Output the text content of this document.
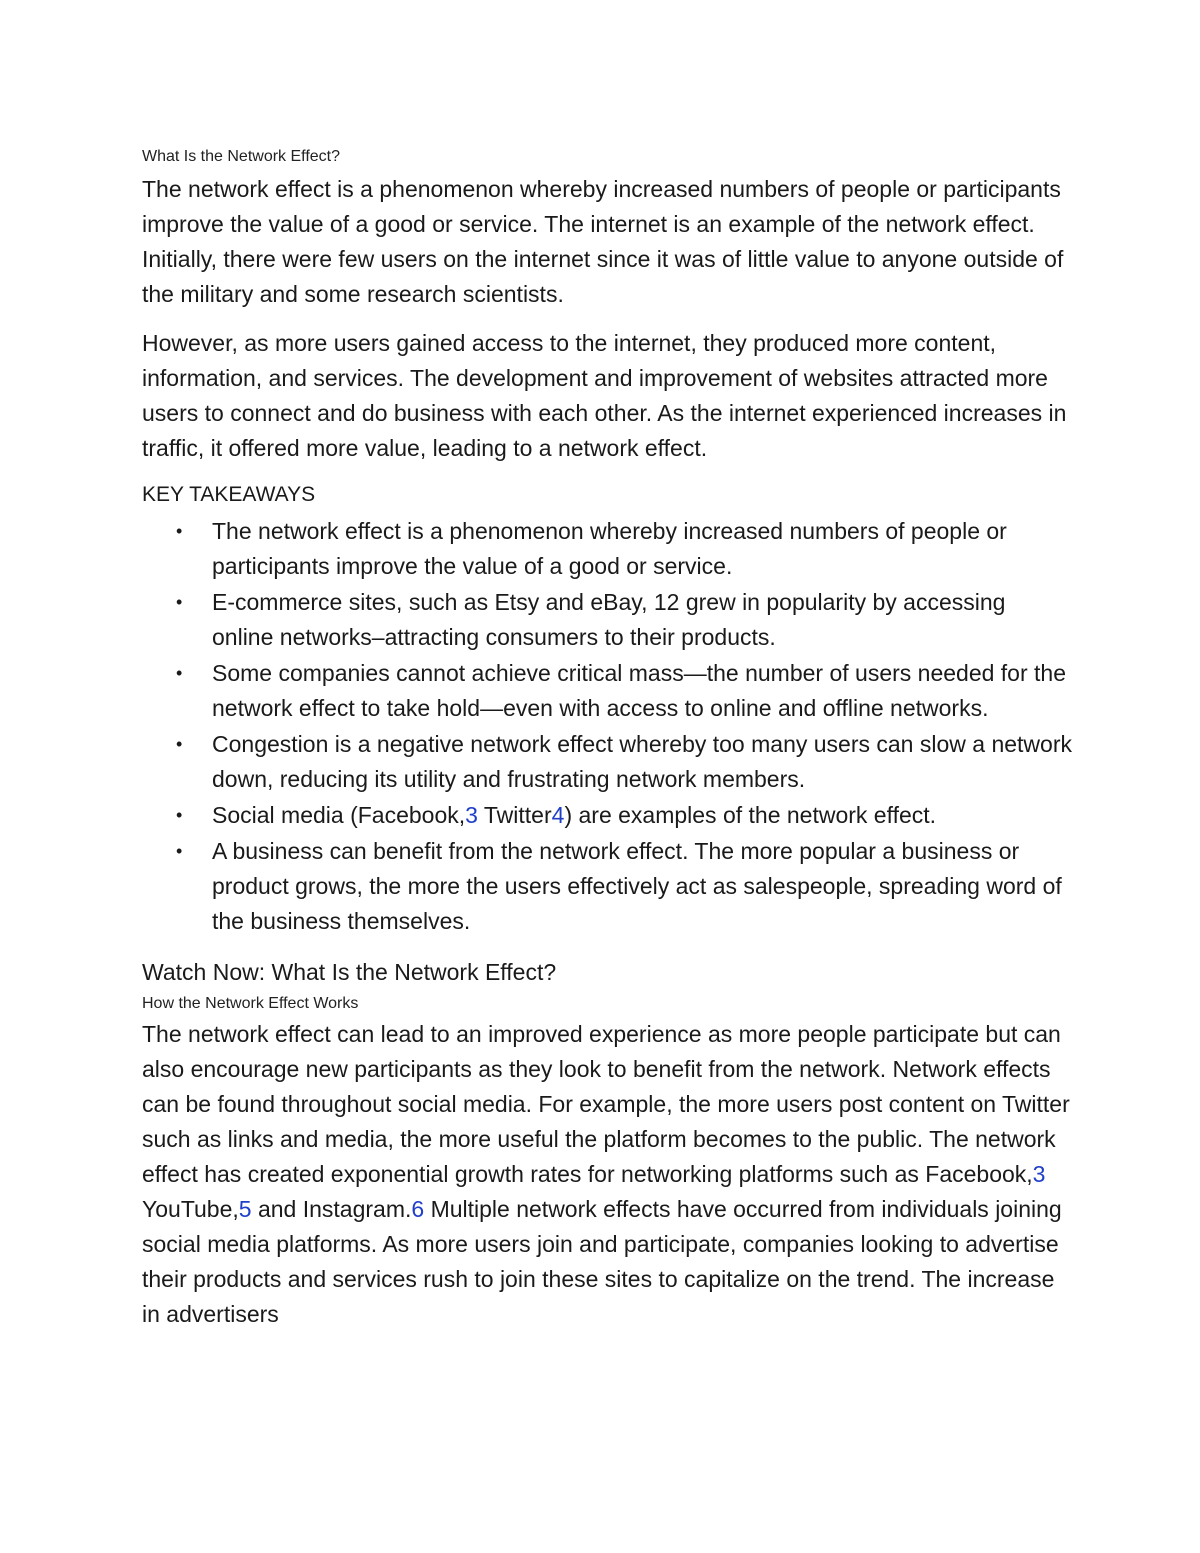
What Is the Network Effect?

The network effect is a phenomenon whereby increased numbers of people or participants improve the value of a good or service. The internet is an example of the network effect. Initially, there were few users on the internet since it was of little value to anyone outside of the military and some research scientists.

However, as more users gained access to the internet, they produced more content, information, and services. The development and improvement of websites attracted more users to connect and do business with each other. As the internet experienced increases in traffic, it offered more value, leading to a network effect.

KEY TAKEAWAYS

• The network effect is a phenomenon whereby increased numbers of people or participants improve the value of a good or service.
• E-commerce sites, such as Etsy and eBay, 12 grew in popularity by accessing online networks–attracting consumers to their products.
• Some companies cannot achieve critical mass—the number of users needed for the network effect to take hold—even with access to online and offline networks.
• Congestion is a negative network effect whereby too many users can slow a network down, reducing its utility and frustrating network members.
• Social media (Facebook,3 Twitter4) are examples of the network effect.
• A business can benefit from the network effect. The more popular a business or product grows, the more the users effectively act as salespeople, spreading word of the business themselves.

Watch Now: What Is the Network Effect?

How the Network Effect Works

The network effect can lead to an improved experience as more people participate but can also encourage new participants as they look to benefit from the network. Network effects can be found throughout social media. For example, the more users post content on Twitter such as links and media, the more useful the platform becomes to the public. The network effect has created exponential growth rates for networking platforms such as Facebook,3 YouTube,5 and Instagram.6 Multiple network effects have occurred from individuals joining social media platforms. As more users join and participate, companies looking to advertise their products and services rush to join these sites to capitalize on the trend. The increase in advertisers
